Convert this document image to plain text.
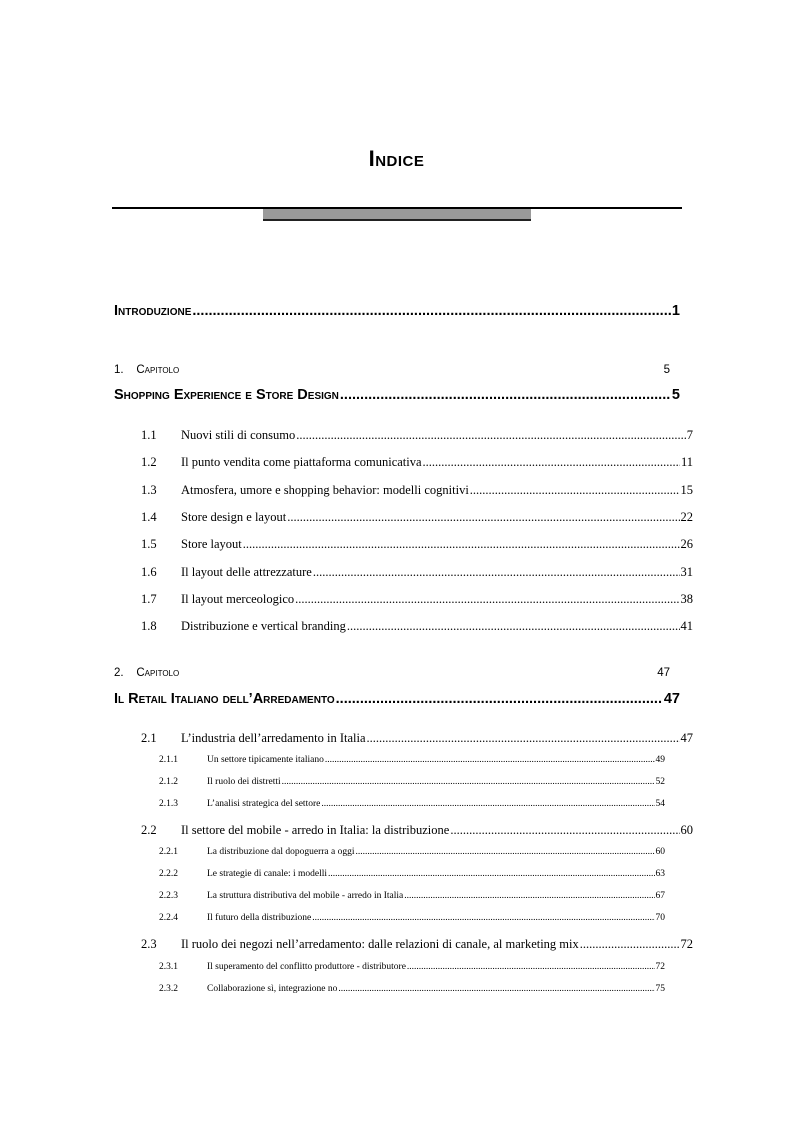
Indice
Introduzione .....	1
1. Capitolo	5
Shopping Experience e Store Design .....	5
1.1	Nuovi stili di consumo .....	7
1.2	Il punto vendita come piattaforma comunicativa .....	11
1.3	Atmosfera, umore e shopping behavior: modelli cognitivi .....	15
1.4	Store design e layout .....	22
1.5	Store layout .....	26
1.6	Il layout delle attrezzature .....	31
1.7	Il layout merceologico .....	38
1.8	Distribuzione e vertical branding .....	41
2. Capitolo	47
Il Retail Italiano dell’Arredamento .....	47
2.1	L’industria dell’arredamento in Italia .....	47
2.1.1	Un settore tipicamente italiano .....	49
2.1.2	Il ruolo dei distretti .....	52
2.1.3	L’analisi strategica del settore .....	54
2.2	Il settore del mobile - arredo in Italia: la distribuzione .....	60
2.2.1	La distribuzione dal dopoguerra a oggi .....	60
2.2.2	Le strategie di canale: i modelli .....	63
2.2.3	La struttura distributiva del mobile - arredo in Italia .....	67
2.2.4	Il futuro della distribuzione .....	70
2.3	Il ruolo dei negozi nell’arredamento: dalle relazioni di canale, al marketing mix .....	72
2.3.1	Il superamento del conflitto produttore - distributore .....	72
2.3.2	Collaborazione sì, integrazione no .....	75
